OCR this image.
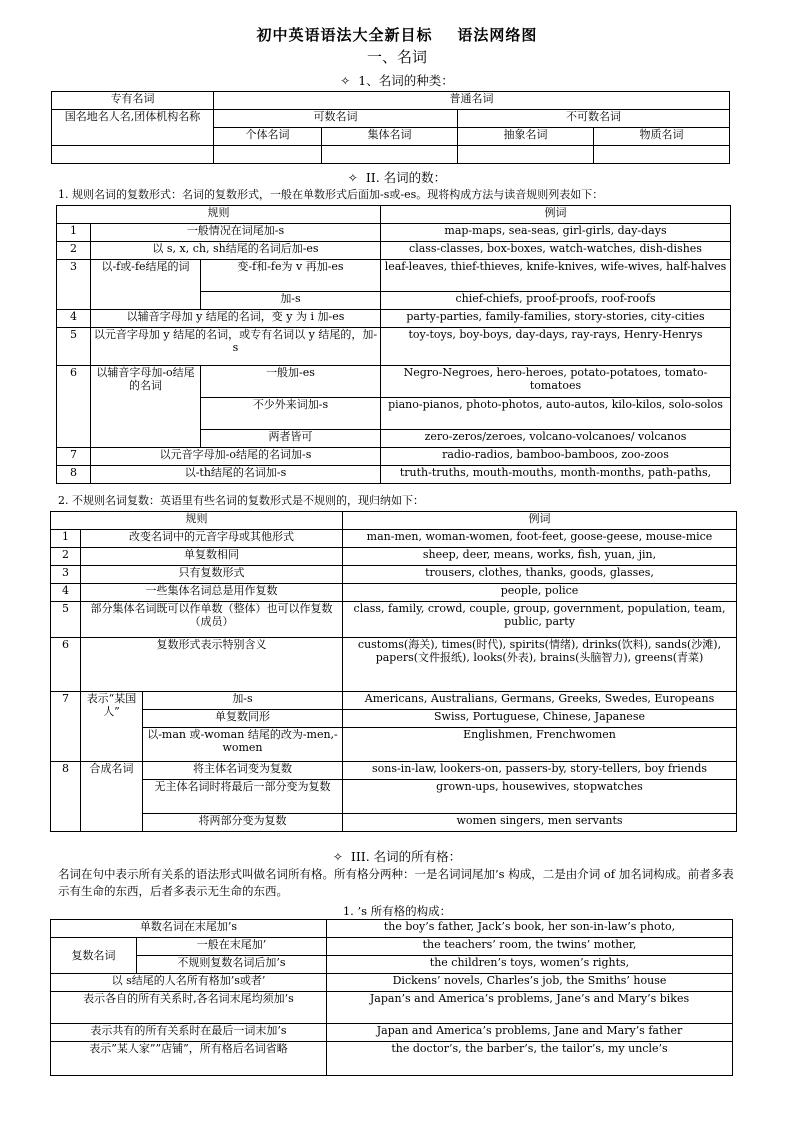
初中英语语法大全新目标    语法网络图
一、名词
✧ 1、名词的种类：
专有名词	普通名词			
国名地名人名,团体机构名称	可数名词		不可数名词	
	个体名词	集体名词	抽象名词	物质名词

✧ II. 名词的数：
1. 规则名词的复数形式：名词的复数形式，一般在单数形式后面加-s或-es。现将构成方法与读音规则列表如下：
规则			例词
1	一般情况在词尾加-s		map-maps, sea-seas, girl-girls, day-days
2	以 s, x, ch, sh结尾的名词后加-es		class-classes, box-boxes, watch-watches, dish-dishes
3	以-f或-fe结尾的词	变-f和-fe为 v 再加-es	leaf-leaves, thief-thieves, knife-knives, wife-wives, half-halves
		加-s	chief-chiefs, proof-proofs, roof-roofs
4	以辅音字母加 y 结尾的名词，变 y 为 i 加-es		party-parties, family-families, story-stories, city-cities
5	以元音字母加 y 结尾的名词，或专有名词以 y 结尾的，加-s		toy-toys, boy-boys, day-days, ray-rays, Henry-Henrys
6	以辅音字母加-o结尾的名词	一般加-es	Negro-Negroes, hero-heroes, potato-potatoes, tomato-tomatoes
		不少外来词加-s	piano-pianos, photo-photos, auto-autos, kilo-kilos, solo-solos
		两者皆可	zero-zeros/zeroes, volcano-volcanoes/ volcanos
7	以元音字母加-o结尾的名词加-s		radio-radios, bamboo-bamboos, zoo-zoos
8	以-th结尾的名词加-s		truth-truths, mouth-mouths, month-months, path-paths,
2. 不规则名词复数：英语里有些名词的复数形式是不规则的，现归纳如下：
规则			例词
1	改变名词中的元音字母或其他形式		man-men, woman-women, foot-feet, goose-geese, mouse-mice
2	单复数相同		sheep, deer, means, works, fish, yuan, jin,
3	只有复数形式		trousers, clothes, thanks, goods, glasses,
4	一些集体名词总是用作复数		people, police
5	部分集体名词既可以作单数（整体）也可以作复数（成员）		class, family, crowd, couple, group, government, population, team, public, party
6	复数形式表示特别含义		customs(海关), times(时代), spirits(情绪), drinks(饮料), sands(沙滩), papers(文件报纸), looks(外表), brains(头脑智力), greens(青菜)
7	表示“某国人”	加-s	Americans, Australians, Germans, Greeks, Swedes, Europeans
		单复数同形	Swiss, Portuguese, Chinese, Japanese
		以-man 或-woman 结尾的改为-men,-women	Englishmen, Frenchwomen
8	合成名词	将主体名词变为复数	sons-in-law, lookers-on, passers-by, story-tellers, boy friends
		无主体名词时将最后一部分变为复数	grown-ups, housewives, stopwatches
		将两部分变为复数	women singers, men servants
✧ III. 名词的所有格：
名词在句中表示所有关系的语法形式叫做名词所有格。所有格分两种：一是名词词尾加’s 构成，二是由介词 of 加名词构成。前者多表示有生命的东西，后者多表示无生命的东西。
1. ’s 所有格的构成：
单数名词在末尾加’s		the boy’s father, Jack’s book, her son-in-law’s photo,
复数名词	一般在末尾加’	the teachers’ room, the twins’ mother,
	不规则复数名词后加’s	the children’s toys, women’s rights,
以 s结尾的人名所有格加’s或者’		Dickens’ novels, Charles’s job, the Smiths’ house
表示各自的所有关系时,各名词末尾均须加’s		Japan’s and America’s problems, Jane’s and Mary’s bikes
表示共有的所有关系时在最后一词末加’s		Japan and America’s problems, Jane and Mary’s father
表示”某人家””店铺”，所有格后名词省略		the doctor’s, the barber’s, the tailor’s, my uncle’s
